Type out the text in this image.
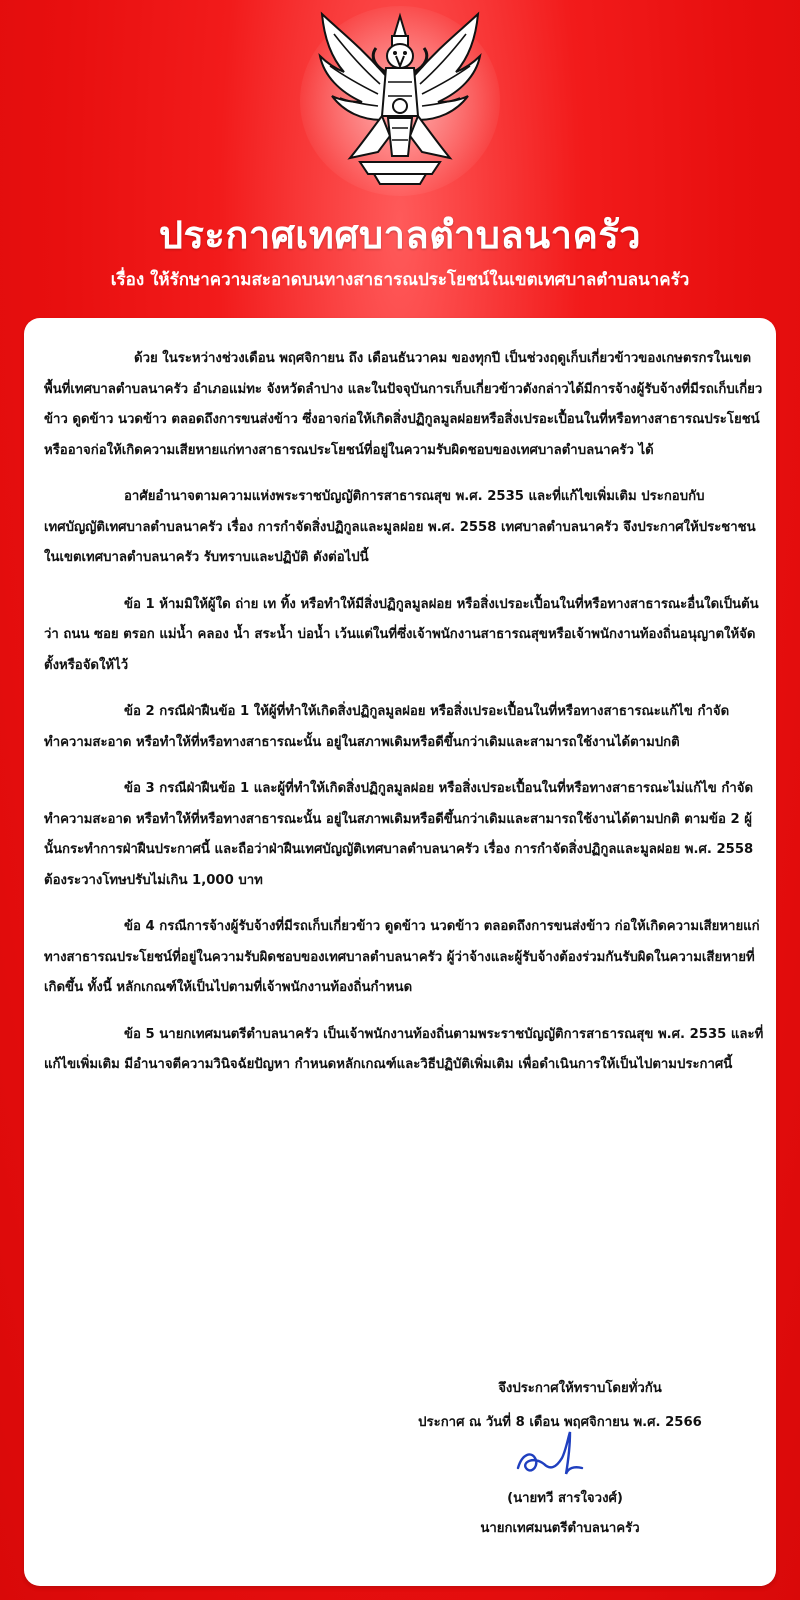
ประกาศเทศบาลตำบลนาครัว
เรื่อง ให้รักษาความสะอาดบนทางสาธารณประโยชน์ในเขตเทศบาลตำบลนาครัว

ด้วย ในระหว่างช่วงเดือน พฤศจิกายน ถึง เดือนธันวาคม ของทุกปี เป็นช่วงฤดูเก็บเกี่ยวข้าวของเกษตรกรในเขตพื้นที่เทศบาลตำบลนาครัว อำเภอแม่ทะ จังหวัดลำปาง และในปัจจุบันการเก็บเกี่ยวข้าวดังกล่าวได้มีการจ้างผู้รับจ้างที่มีรถเก็บเกี่ยวข้าว ดูดข้าว นวดข้าว ตลอดถึงการขนส่งข้าว ซึ่งอาจก่อให้เกิดสิ่งปฏิกูลมูลฝอยหรือสิ่งเปรอะเปื้อนในที่หรือทางสาธารณประโยชน์ หรืออาจก่อให้เกิดความเสียหายแก่ทางสาธารณประโยชน์ที่อยู่ในความรับผิดชอบของเทศบาลตำบลนาครัว ได้

อาศัยอำนาจตามความแห่งพระราชบัญญัติการสาธารณสุข พ.ศ. 2535 และที่แก้ไขเพิ่มเติม ประกอบกับเทศบัญญัติเทศบาลตำบลนาครัว เรื่อง การกำจัดสิ่งปฏิกูลและมูลฝอย พ.ศ. 2558 เทศบาลตำบลนาครัว จึงประกาศให้ประชาชนในเขตเทศบาลตำบลนาครัว รับทราบและปฏิบัติ ดังต่อไปนี้

ข้อ 1 ห้ามมิให้ผู้ใด ถ่าย เท ทิ้ง หรือทำให้มีสิ่งปฏิกูลมูลฝอย หรือสิ่งเปรอะเปื้อนในที่หรือทางสาธารณะอื่นใดเป็นต้นว่า ถนน ซอย ตรอก แม่น้ำ คลอง น้ำ สระน้ำ บ่อน้ำ เว้นแต่ในที่ซึ่งเจ้าพนักงานสาธารณสุขหรือเจ้าพนักงานท้องถิ่นอนุญาตให้จัดตั้งหรือจัดให้ไว้

ข้อ 2 กรณีฝ่าฝืนข้อ 1 ให้ผู้ที่ทำให้เกิดสิ่งปฏิกูลมูลฝอย หรือสิ่งเปรอะเปื้อนในที่หรือทางสาธารณะแก้ไข กำจัด ทำความสะอาด หรือทำให้ที่หรือทางสาธารณะนั้น อยู่ในสภาพเดิมหรือดีขึ้นกว่าเดิมและสามารถใช้งานได้ตามปกติ

ข้อ 3 กรณีฝ่าฝืนข้อ 1 และผู้ที่ทำให้เกิดสิ่งปฏิกูลมูลฝอย หรือสิ่งเปรอะเปื้อนในที่หรือทางสาธารณะไม่แก้ไข กำจัด ทำความสะอาด หรือทำให้ที่หรือทางสาธารณะนั้น อยู่ในสภาพเดิมหรือดีขึ้นกว่าเดิมและสามารถใช้งานได้ตามปกติ ตามข้อ 2 ผู้นั้นกระทำการฝ่าฝืนประกาศนี้ และถือว่าฝ่าฝืนเทศบัญญัติเทศบาลตำบลนาครัว เรื่อง การกำจัดสิ่งปฏิกูลและมูลฝอย พ.ศ. 2558 ต้องระวางโทษปรับไม่เกิน 1,000 บาท

ข้อ 4 กรณีการจ้างผู้รับจ้างที่มีรถเก็บเกี่ยวข้าว ดูดข้าว นวดข้าว ตลอดถึงการขนส่งข้าว ก่อให้เกิดความเสียหายแก่ทางสาธารณประโยชน์ที่อยู่ในความรับผิดชอบของเทศบาลตำบลนาครัว ผู้ว่าจ้างและผู้รับจ้างต้องร่วมกันรับผิดในความเสียหายที่เกิดขึ้น ทั้งนี้ หลักเกณฑ์ให้เป็นไปตามที่เจ้าพนักงานท้องถิ่นกำหนด

ข้อ 5 นายกเทศมนตรีตำบลนาครัว เป็นเจ้าพนักงานท้องถิ่นตามพระราชบัญญัติการสาธารณสุข พ.ศ. 2535 และที่แก้ไขเพิ่มเติม มีอำนาจตีความวินิจฉัยปัญหา กำหนดหลักเกณฑ์และวิธีปฏิบัติเพิ่มเติม เพื่อดำเนินการให้เป็นไปตามประกาศนี้

จึงประกาศให้ทราบโดยทั่วกัน
ประกาศ ณ วันที่ 8 เดือน พฤศจิกายน พ.ศ. 2566
(นายทวี สารใจวงศ์)
นายกเทศมนตรีตำบลนาครัว
